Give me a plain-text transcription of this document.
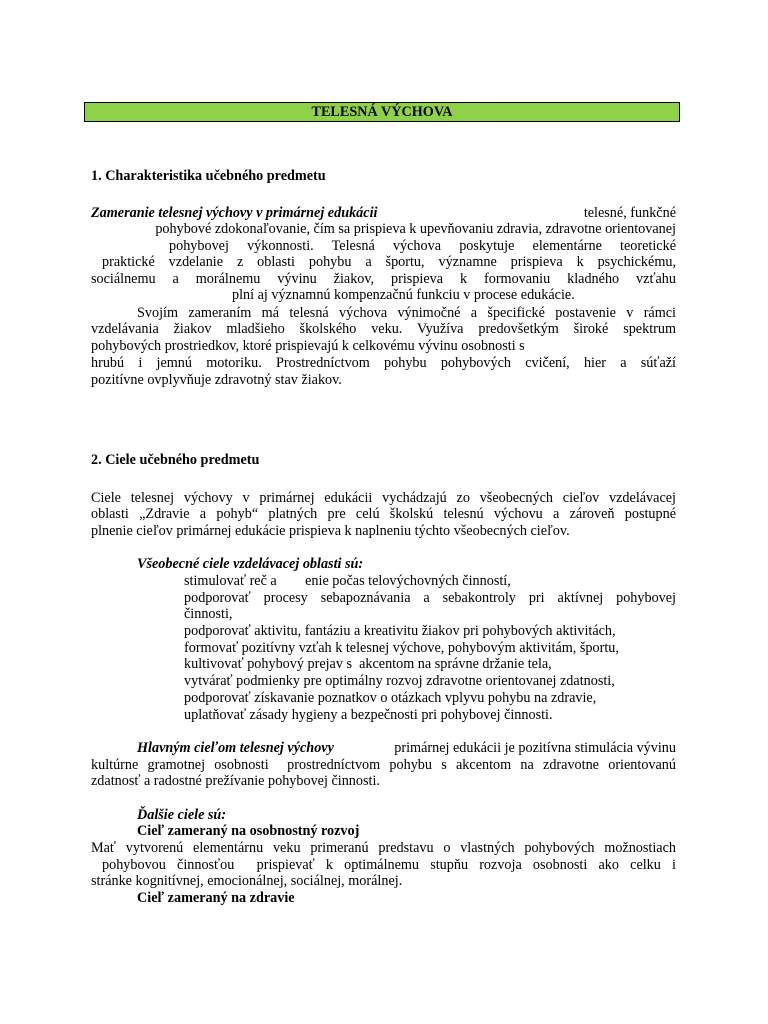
TELESNÁ VÝCHOVA
1. Charakteristika učebného predmetu
Zameranie telesnej výchovy v primárnej edukácii	telesné, funkčné
pohybové zdokonaľovanie, čím sa prispieva k upevňovaniu zdravia, zdravotne orientovanej
pohybovej výkonnosti. Telesná výchova poskytuje elementárne teoretické
praktické vzdelanie z oblasti pohybu a športu, významne prispieva k psychickému,
sociálnemu a morálnemu vývinu žiakov, prispieva k formovaniu kladného vzťahu
plní aj významnú kompenzačnú funkciu v procese edukácie.
Svojím zameraním má telesná výchova výnimočné a špecifické postavenie v rámci
vzdelávania žiakov mladšieho školského veku. Využíva predovšetkým široké spektrum
pohybových prostriedkov, ktoré prispievajú k celkovému vývinu osobnosti s
hrubú i jemnú motoriku. Prostredníctvom pohybu pohybových cvičení, hier a súťaží
pozitívne ovplyvňuje zdravotný stav žiakov.
2. Ciele učebného predmetu
Ciele telesnej výchovy v primárnej edukácii vychádzajú zo všeobecných cieľov vzdelávacej
oblasti „Zdravie a pohyb“ platných pre celú školskú telesnú výchovu a zároveň postupné
plnenie cieľov primárnej edukácie prispieva k naplneniu týchto všeobecných cieľov.
Všeobecné ciele vzdelávacej oblasti sú:
stimulovať reč a        enie počas telovýchovných činností,
podporovať procesy sebapoznávania a sebakontroly pri aktívnej pohybovej
činnosti,
podporovať aktivitu, fantáziu a kreativitu žiakov pri pohybových aktivitách,
formovať pozitívny vzťah k telesnej výchove, pohybovým aktivitám, športu,
kultivovať pohybový prejav s  akcentom na správne držanie tela,
vytvárať podmienky pre optimálny rozvoj zdravotne orientovanej zdatnosti,
podporovať získavanie poznatkov o otázkach vplyvu pohybu na zdravie,
uplatňovať zásady hygieny a bezpečnosti pri pohybovej činnosti.
Hlavným cieľom telesnej výchovy	primárnej edukácii je pozitívna stimulácia vývinu
kultúrne gramotnej osobnosti  prostredníctvom pohybu s akcentom na zdravotne orientovanú
zdatnosť a radostné prežívanie pohybovej činnosti.
Ďalšie ciele sú:
Cieľ zameraný na osobnostný rozvoj
Mať vytvorenú elementárnu veku primeranú predstavu o vlastných pohybových možnostiach
pohybovou činnosťou  prispievať k optimálnemu stupňu rozvoja osobnosti ako celku i
stránke kognitívnej, emocionálnej, sociálnej, morálnej.
Cieľ zameraný na zdravie
